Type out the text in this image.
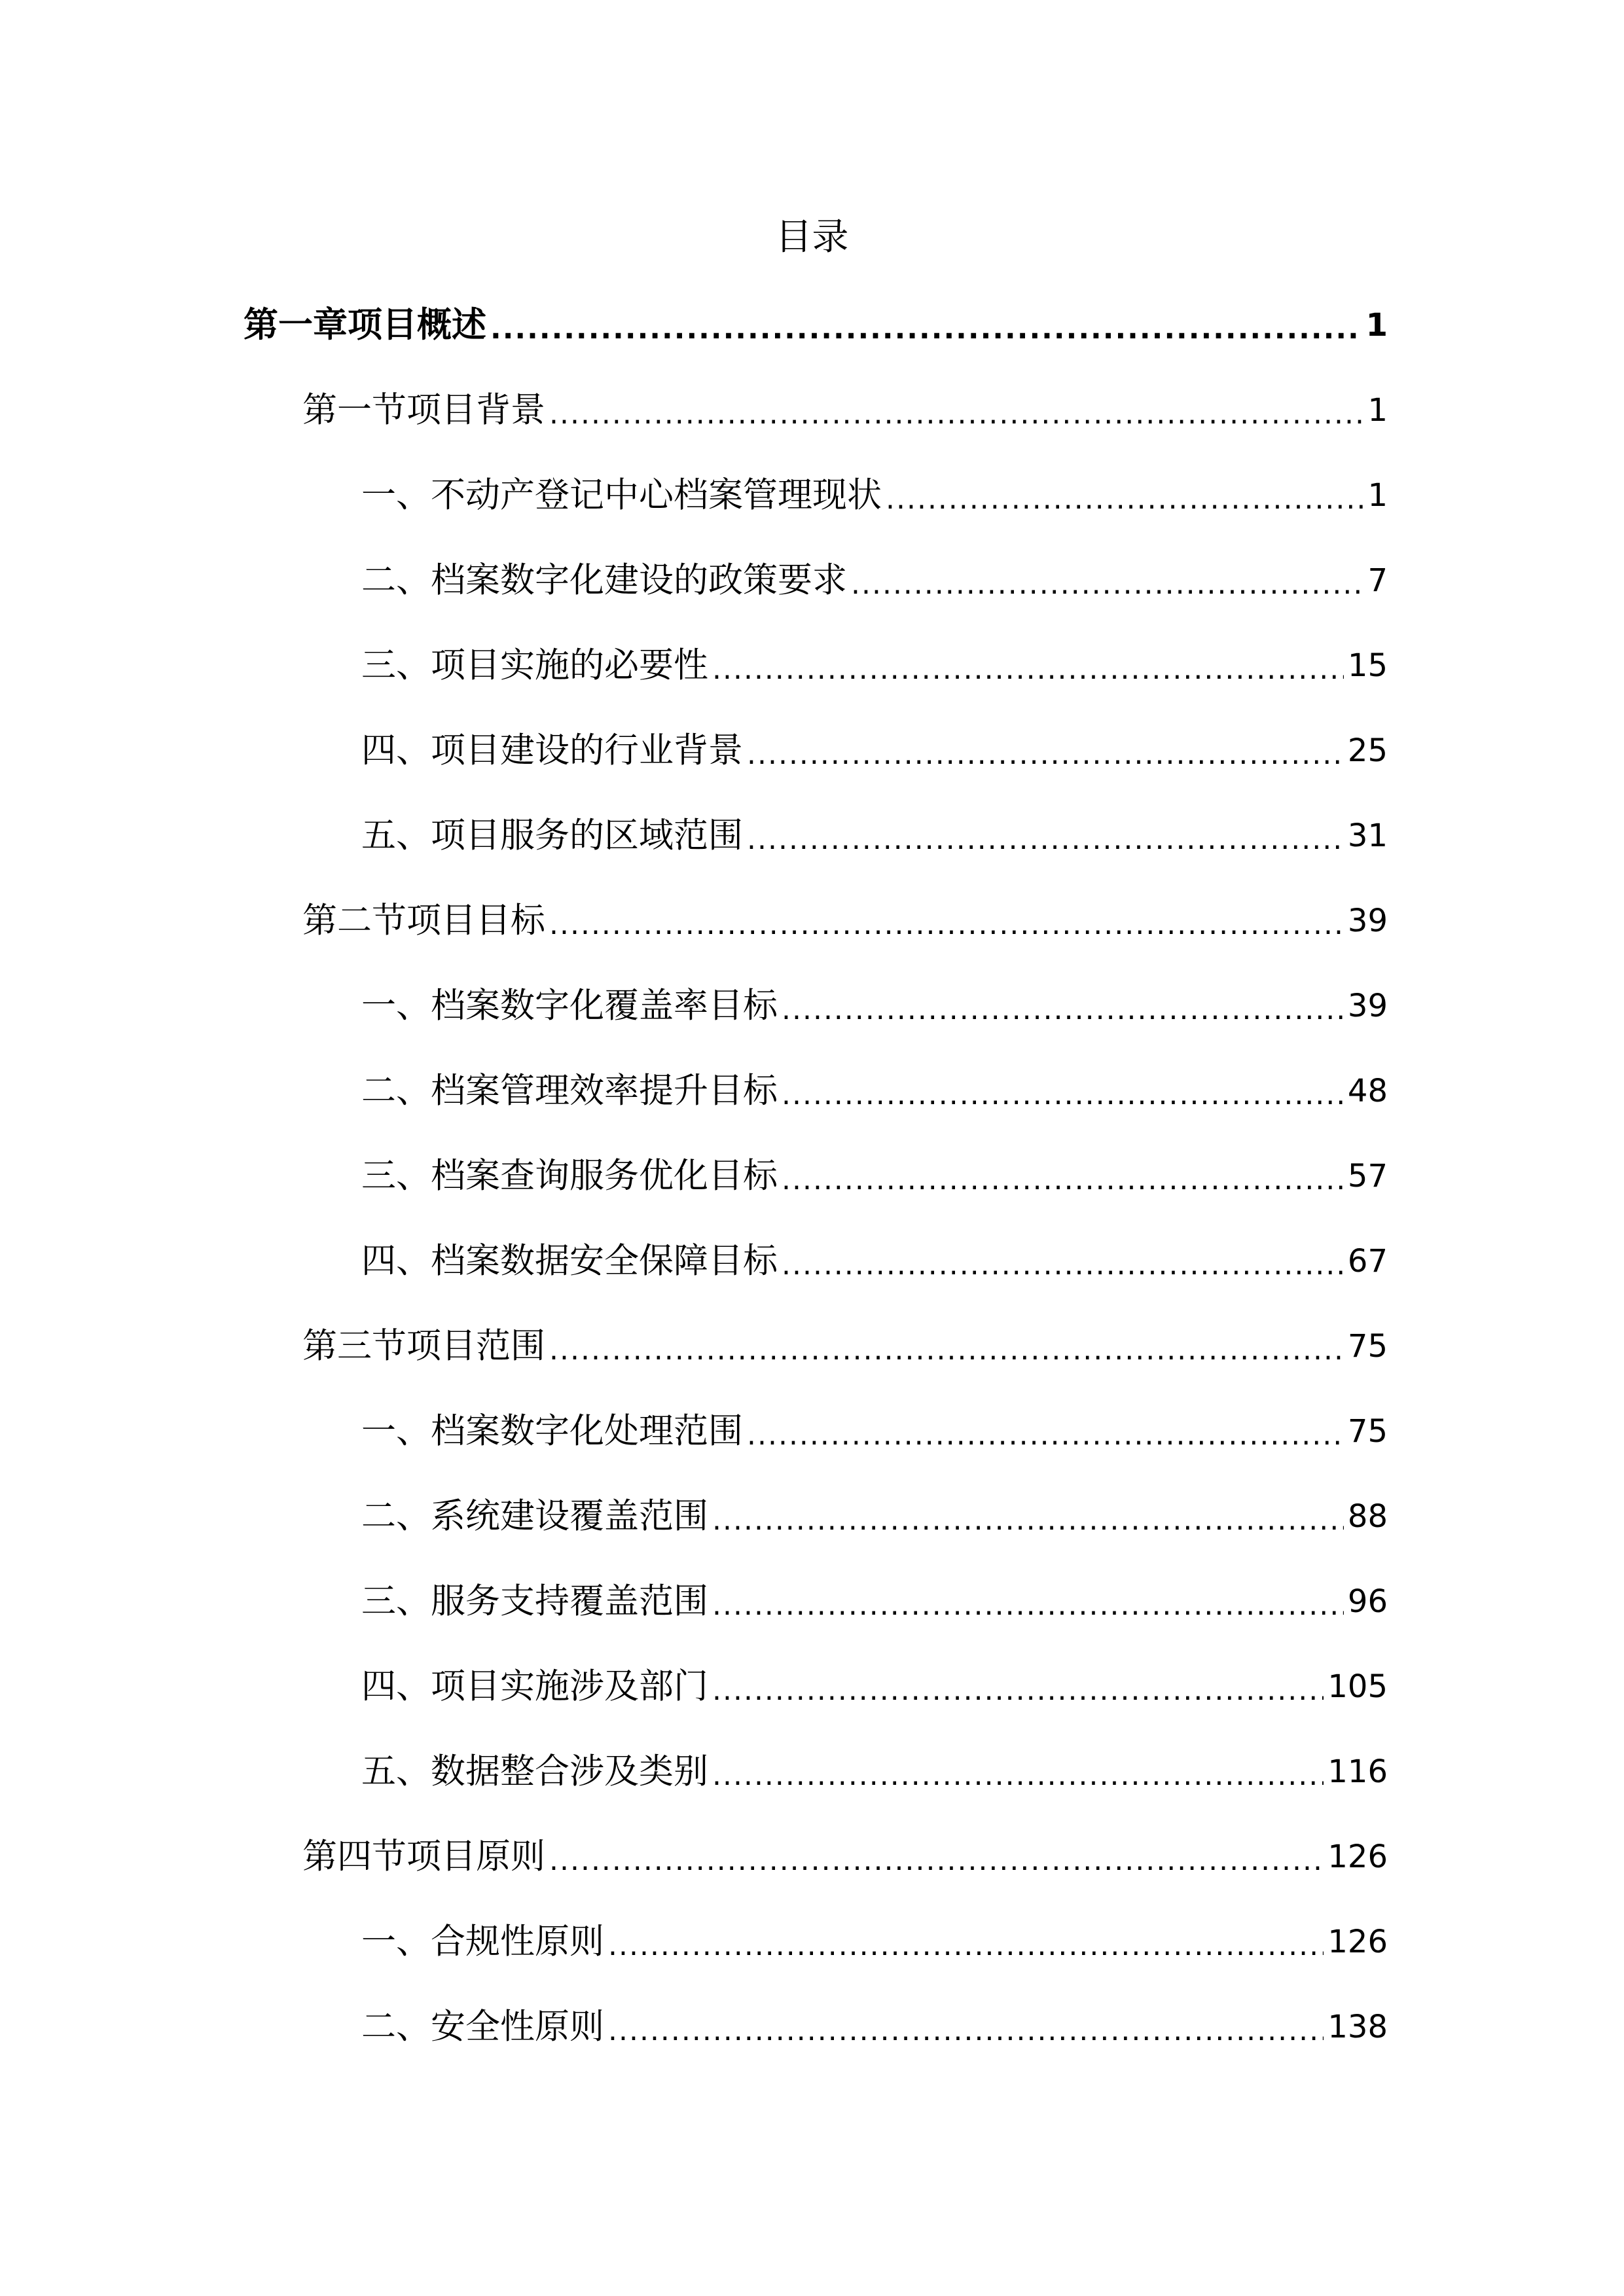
目录
第一章项目概述 .....	1
第一节项目背景 .....	1
一、不动产登记中心档案管理现状 .....	1
二、档案数字化建设的政策要求 .....	7
三、项目实施的必要性 .....	15
四、项目建设的行业背景 .....	25
五、项目服务的区域范围 .....	31
第二节项目目标 .....	39
一、档案数字化覆盖率目标 .....	39
二、档案管理效率提升目标 .....	48
三、档案查询服务优化目标 .....	57
四、档案数据安全保障目标 .....	67
第三节项目范围 .....	75
一、档案数字化处理范围 .....	75
二、系统建设覆盖范围 .....	88
三、服务支持覆盖范围 .....	96
四、项目实施涉及部门 .....	105
五、数据整合涉及类别 .....	116
第四节项目原则 .....	126
一、合规性原则 .....	126
二、安全性原则 .....	138
